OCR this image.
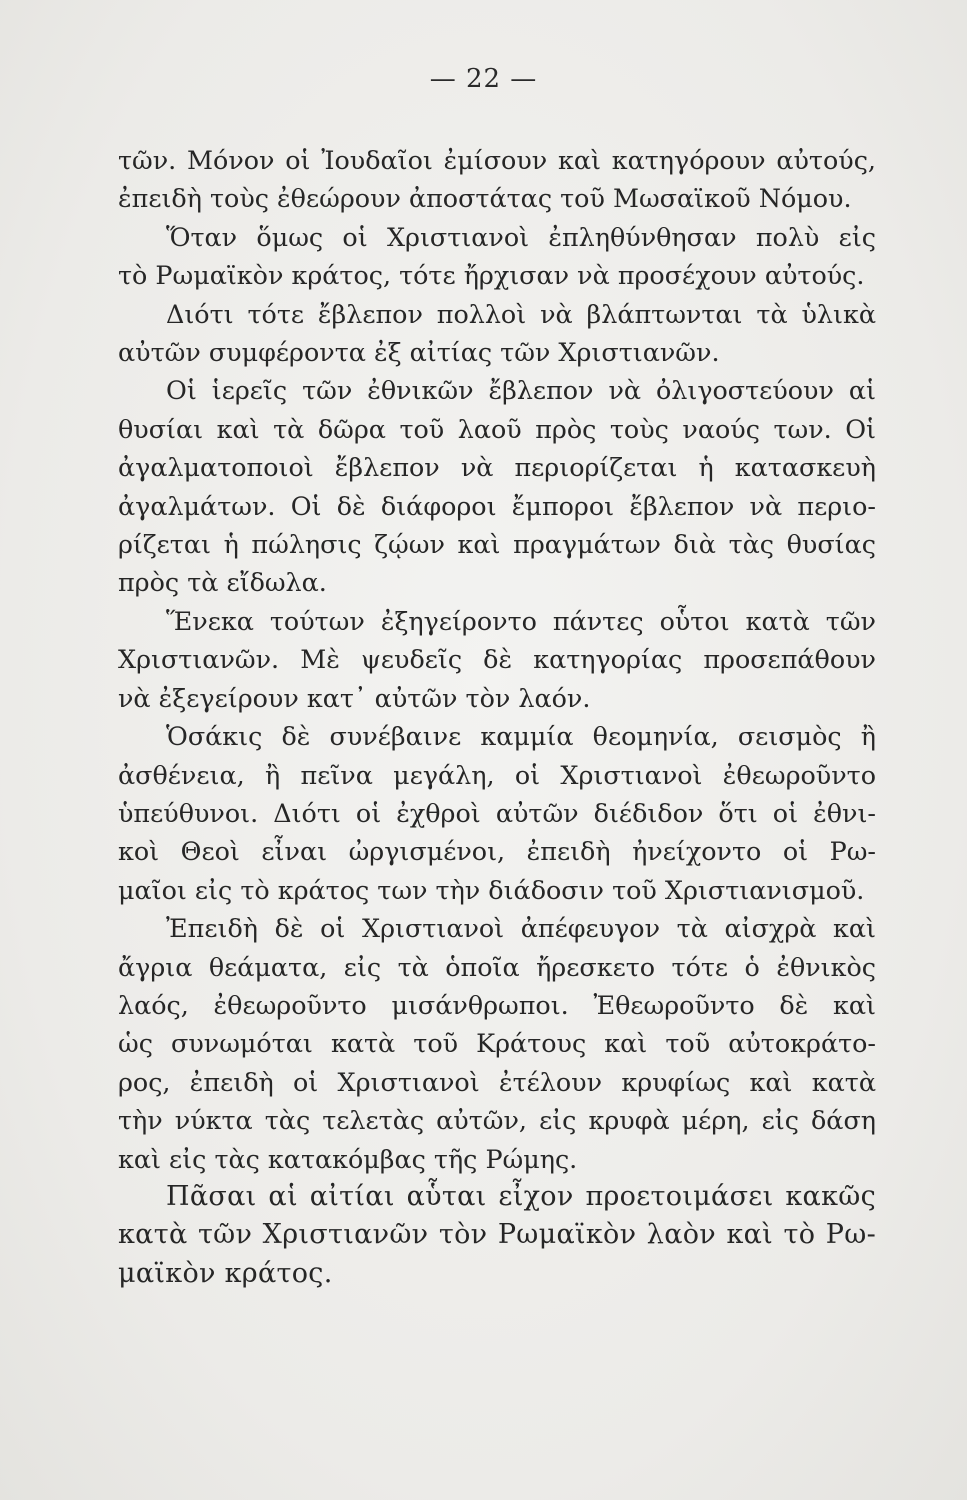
— 22 —
τῶν. Μόνον οἱ Ἰουδαῖοι ἐμίσουν καὶ κατηγόρουν αὐτούς,
ἐπειδὴ τοὺς ἐθεώρουν ἀποστάτας τοῦ Μωσαϊκοῦ Νόμου.
Ὅταν ὅμως οἱ Χριστιανοὶ ἐπληθύνθησαν πολὺ εἰς
τὸ Ρωμαϊκὸν κράτος, τότε ἤρχισαν νὰ προσέχουν αὐτούς.
Διότι τότε ἔβλεπον πολλοὶ νὰ βλάπτωνται τὰ ὑλικὰ
αὐτῶν συμφέροντα ἐξ αἰτίας τῶν Χριστιανῶν.
Οἱ ἱερεῖς τῶν ἐθνικῶν ἔβλεπον νὰ ὀλιγοστεύουν αἱ
θυσίαι καὶ τὰ δῶρα τοῦ λαοῦ πρὸς τοὺς ναούς των. Οἱ
ἀγαλματοποιοὶ ἔβλεπον νὰ περιορίζεται ἡ κατασκευὴ
ἀγαλμάτων. Οἱ δὲ διάφοροι ἔμποροι ἔβλεπον νὰ περιο-
ρίζεται ἡ πώλησις ζῴων καὶ πραγμάτων διὰ τὰς θυσίας
πρὸς τὰ εἴδωλα.
Ἕνεκα τούτων ἐξηγείροντο πάντες οὗτοι κατὰ τῶν
Χριστιανῶν. Μὲ ψευδεῖς δὲ κατηγορίας προσεπάθουν
νὰ ἐξεγείρουν κατ᾽ αὐτῶν τὸν λαόν.
Ὁσάκις δὲ συνέβαινε καμμία θεομηνία, σεισμὸς ἢ
ἀσθένεια, ἢ πεῖνα μεγάλη, οἱ Χριστιανοὶ ἐθεωροῦντο
ὑπεύθυνοι. Διότι οἱ ἐχθροὶ αὐτῶν διέδιδον ὅτι οἱ ἐθνι-
κοὶ Θεοὶ εἶναι ὠργισμένοι, ἐπειδὴ ἠνείχοντο οἱ Ρω-
μαῖοι εἰς τὸ κράτος των τὴν διάδοσιν τοῦ Χριστιανισμοῦ.
Ἐπειδὴ δὲ οἱ Χριστιανοὶ ἀπέφευγον τὰ αἰσχρὰ καὶ
ἄγρια θεάματα, εἰς τὰ ὁποῖα ἤρεσκετο τότε ὁ ἐθνικὸς
λαός, ἐθεωροῦντο μισάνθρωποι. Ἐθεωροῦντο δὲ καὶ
ὡς συνωμόται κατὰ τοῦ Κράτους καὶ τοῦ αὐτοκράτο-
ρος, ἐπειδὴ οἱ Χριστιανοὶ ἐτέλουν κρυφίως καὶ κατὰ
τὴν νύκτα τὰς τελετὰς αὐτῶν, εἰς κρυφὰ μέρη, εἰς δάση
καὶ εἰς τὰς κατακόμβας τῆς Ρώμης.
Πᾶσαι αἱ αἰτίαι αὗται εἶχον προετοιμάσει κακῶς
κατὰ τῶν Χριστιανῶν τὸν Ρωμαϊκὸν λαὸν καὶ τὸ Ρω-
μαϊκὸν κράτος.
